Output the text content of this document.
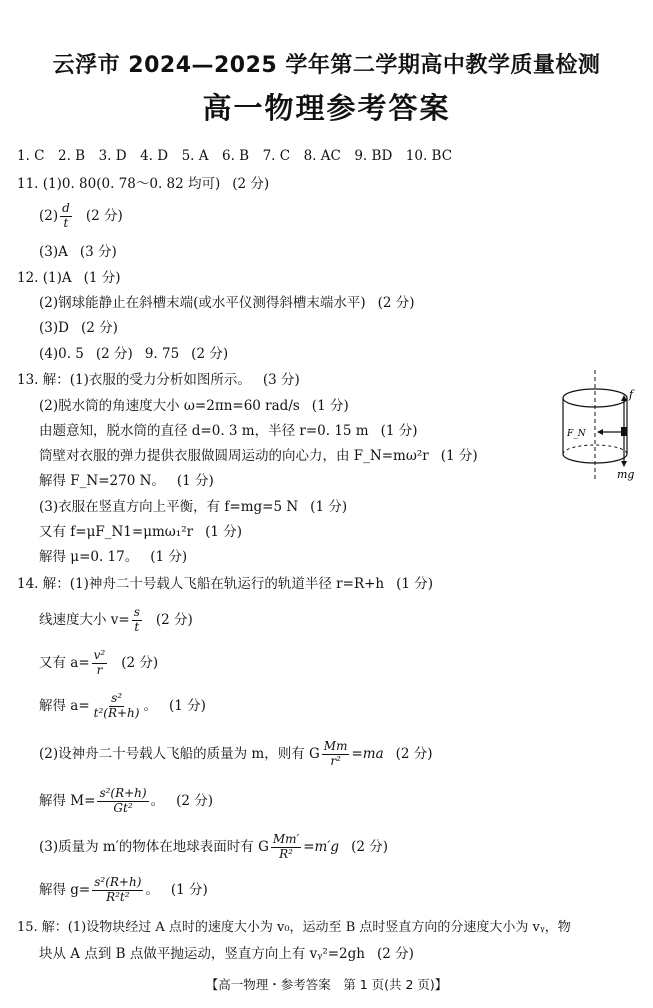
云浮市 2024—2025 学年第二学期高中教学质量检测
高一物理参考答案
1. C　2. B　3. D　4. D　5. A　6. B　7. C　8. AC　9. BD　10. BC
11. (1)0. 80(0. 78～0. 82 均可) (2 分)
$(2) \frac{d}{t} (2$ 分)
(3)A (3 分)
12. (1)A (1 分)
(2)钢球能静止在斜槽末端(或水平仪测得斜槽末端水平) (2 分)
(3)D (2 分)
(4)0. 5 (2 分) 9. 75 (2 分)
13. 解：(1)衣服的受力分析如图所示。 (3 分)
(2)脱水筒的角速度大小 ω=2πn=60 rad/s (1 分)
由题意知，脱水筒的直径 d=0. 3 m，半径 r=0. 15 m (1 分)
筒壁对衣服的弹力提供衣服做圆周运动的向心力，由 F_N=mω²r (1 分)
解得 F_N=270 N。 (1 分)
(3)衣服在竖直方向上平衡，有 f=mg=5 N (1 分)
又有 f=μF_N1=μmω₁²r (1 分)
解得 μ=0. 17。 (1 分)
f
F_N
mg
14. 解：(1)神舟二十号载人飞船在轨运行的轨道半径 r=R+h (1 分)
线速度大小 $v= \frac{s}{t} (2$ 分)
又有 $a= \frac{\text{v²}}{r} (2$ 分)
解得 $a= \frac{\text{s²}}{\text{t²(R+h)}}$ 。 (1 分)
(2)设神舟二十号载人飞船的质量为 m，则有 G $\frac{Mm}{\text{r²}} =ma$ (2 分)
解得 $M= \frac{\text{s²(R+h)}}{\text{Gt²}}$ 。 (2 分)
(3)质量为 m′的物体在地球表面时有 G $\frac{Mm'}{\text{R²}} =m'g$ (2 分)
解得 $g= \frac{\text{s²(R+h)}}{\text{R²t²}}$ 。 (1 分)
15. 解：(1)设物块经过 A 点时的速度大小为 v₀，运动至 B 点时竖直方向的分速度大小为 vᵧ，物
块从 A 点到 B 点做平抛运动，竖直方向上有 vᵧ²=2gh (2 分)
【高一物理・参考答案　第 1 页(共 2 页)】
